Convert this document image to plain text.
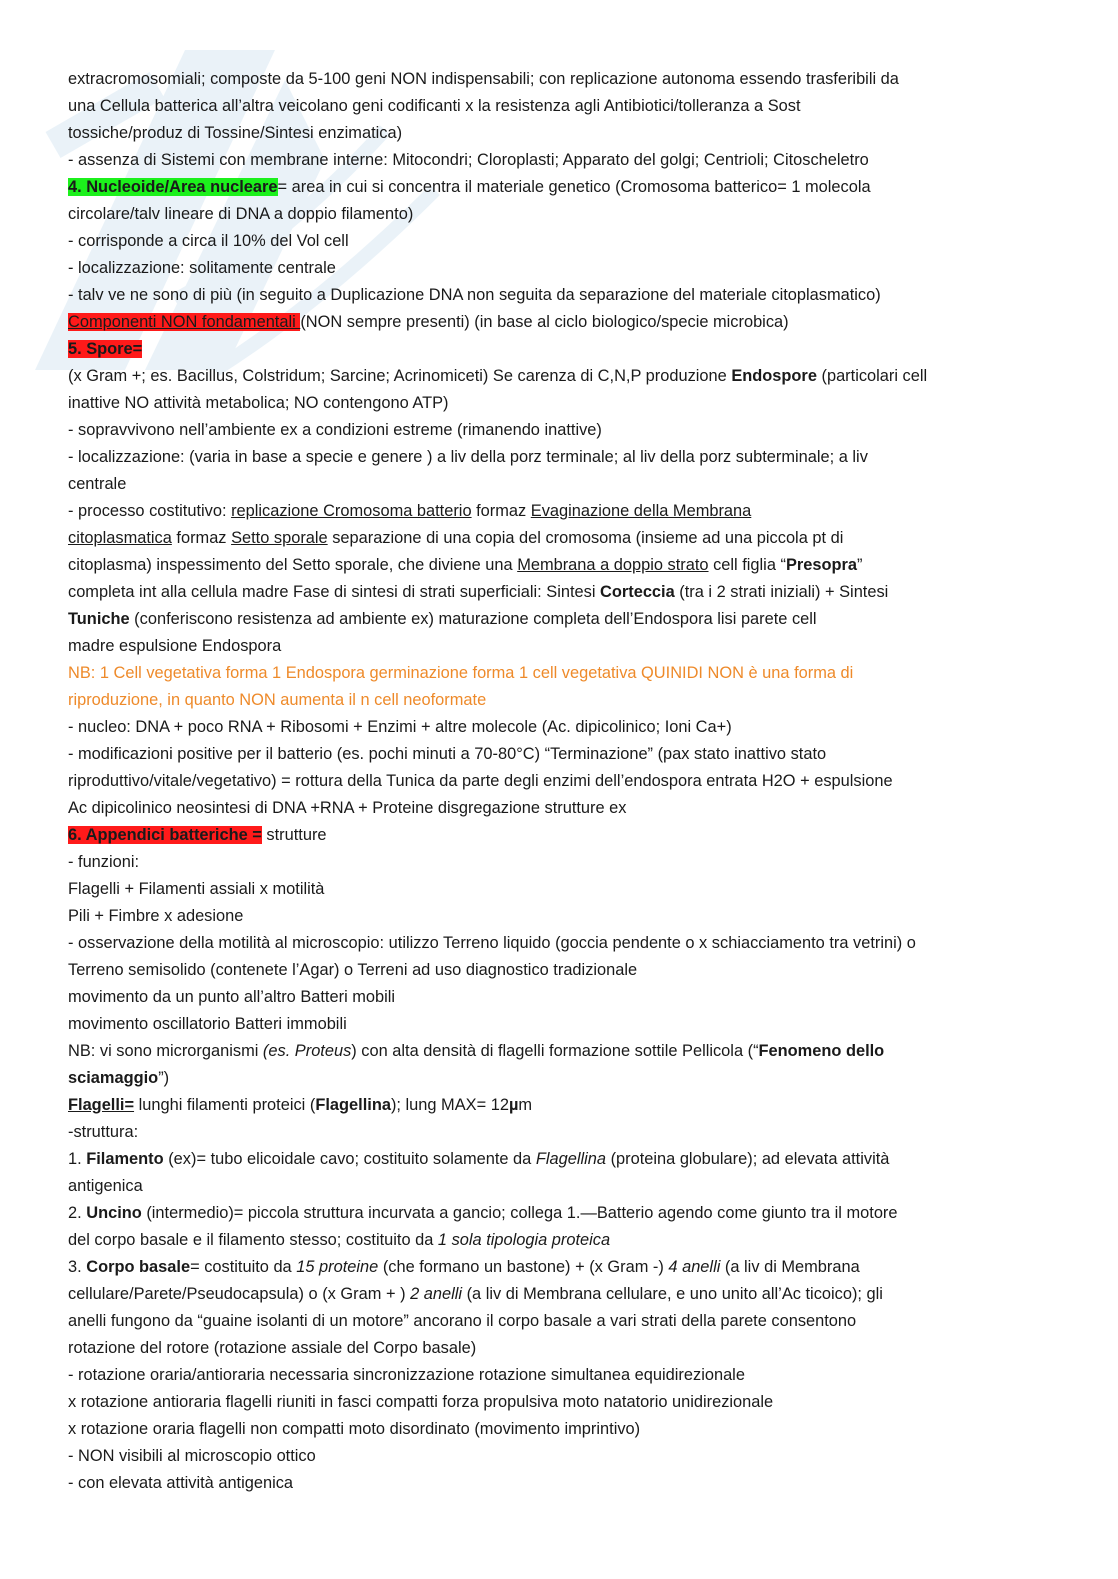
extracromosomiali; composte da 5-100 geni NON indispensabili; con replicazione autonoma essendo trasferibili da
una Cellula batterica all’altra veicolano geni codificanti x la resistenza agli Antibiotici/tolleranza a Sost
tossiche/produz di Tossine/Sintesi enzimatica)
- assenza di Sistemi con membrane interne: Mitocondri; Cloroplasti; Apparato del golgi; Centrioli; Citoscheletro
4. Nucleoide/Area nucleare= area in cui si concentra il materiale genetico (Cromosoma batterico= 1 molecola
circolare/talv lineare di DNA a doppio filamento)
- corrisponde a circa il 10% del Vol cell
- localizzazione: solitamente centrale
- talv ve ne sono di più (in seguito a Duplicazione DNA non seguita da separazione del materiale citoplasmatico)
Componenti NON fondamentali (NON sempre presenti) (in base al ciclo biologico/specie microbica)
5. Spore=
(x Gram +; es. Bacillus, Colstridum; Sarcine; Acrinomiceti) Se carenza di C,N,P produzione Endospore (particolari cell
inattive NO attività metabolica; NO contengono ATP)
- sopravvivono nell’ambiente ex a condizioni estreme (rimanendo inattive)
- localizzazione: (varia in base a specie e genere ) a liv della porz terminale; al liv della porz subterminale; a liv
centrale
- processo costitutivo: replicazione Cromosoma batterio formaz Evaginazione della Membrana
citoplasmatica formaz Setto sporale separazione di una copia del cromosoma (insieme ad una piccola pt di
citoplasma) inspessimento del Setto sporale, che diviene una Membrana a doppio strato cell figlia “Presopra”
completa int alla cellula madre Fase di sintesi di strati superficiali: Sintesi Corteccia (tra i 2 strati iniziali) + Sintesi
Tuniche (conferiscono resistenza ad ambiente ex) maturazione completa dell’Endospora lisi parete cell
madre espulsione Endospora
NB: 1 Cell vegetativa forma 1 Endospora germinazione forma 1 cell vegetativa QUINIDI NON è una forma di
riproduzione, in quanto NON aumenta il n cell neoformate
- nucleo: DNA + poco RNA + Ribosomi + Enzimi + altre molecole (Ac. dipicolinico; Ioni Ca+)
- modificazioni positive per il batterio (es. pochi minuti a 70-80°C) “Terminazione” (pax stato inattivo stato
riproduttivo/vitale/vegetativo) = rottura della Tunica da parte degli enzimi dell’endospora entrata H2O + espulsione
Ac dipicolinico neosintesi di DNA +RNA + Proteine disgregazione strutture ex
6. Appendici batteriche = strutture
- funzioni:
Flagelli + Filamenti assiali x motilità
Pili + Fimbre x adesione
- osservazione della motilità al microscopio: utilizzo Terreno liquido (goccia pendente o x schiacciamento tra vetrini) o
Terreno semisolido (contenete l’Agar) o Terreni ad uso diagnostico tradizionale
movimento da un punto all’altro Batteri mobili
movimento oscillatorio Batteri immobili
NB: vi sono microrganismi (es. Proteus) con alta densità di flagelli formazione sottile Pellicola (“Fenomeno dello
sciamaggio”)
Flagelli= lunghi filamenti proteici (Flagellina); lung MAX= 12µm
-struttura:
1. Filamento (ex)= tubo elicoidale cavo; costituito solamente da Flagellina (proteina globulare); ad elevata attività
antigenica
2. Uncino (intermedio)= piccola struttura incurvata a gancio; collega 1.—Batterio agendo come giunto tra il motore
del corpo basale e il filamento stesso; costituito da 1 sola tipologia proteica
3. Corpo basale= costituito da 15 proteine (che formano un bastone) + (x Gram -) 4 anelli (a liv di Membrana
cellulare/Parete/Pseudocapsula) o (x Gram + ) 2 anelli (a liv di Membrana cellulare, e uno unito all’Ac ticoico); gli
anelli fungono da “guaine isolanti di un motore” ancorano il corpo basale a vari strati della parete consentono
rotazione del rotore (rotazione assiale del Corpo basale)
- rotazione oraria/antioraria necessaria sincronizzazione rotazione simultanea equidirezionale
x rotazione antioraria flagelli riuniti in fasci compatti forza propulsiva moto natatorio unidirezionale
x rotazione oraria flagelli non compatti moto disordinato (movimento imprintivo)
- NON visibili al microscopio ottico
- con elevata attività antigenica
